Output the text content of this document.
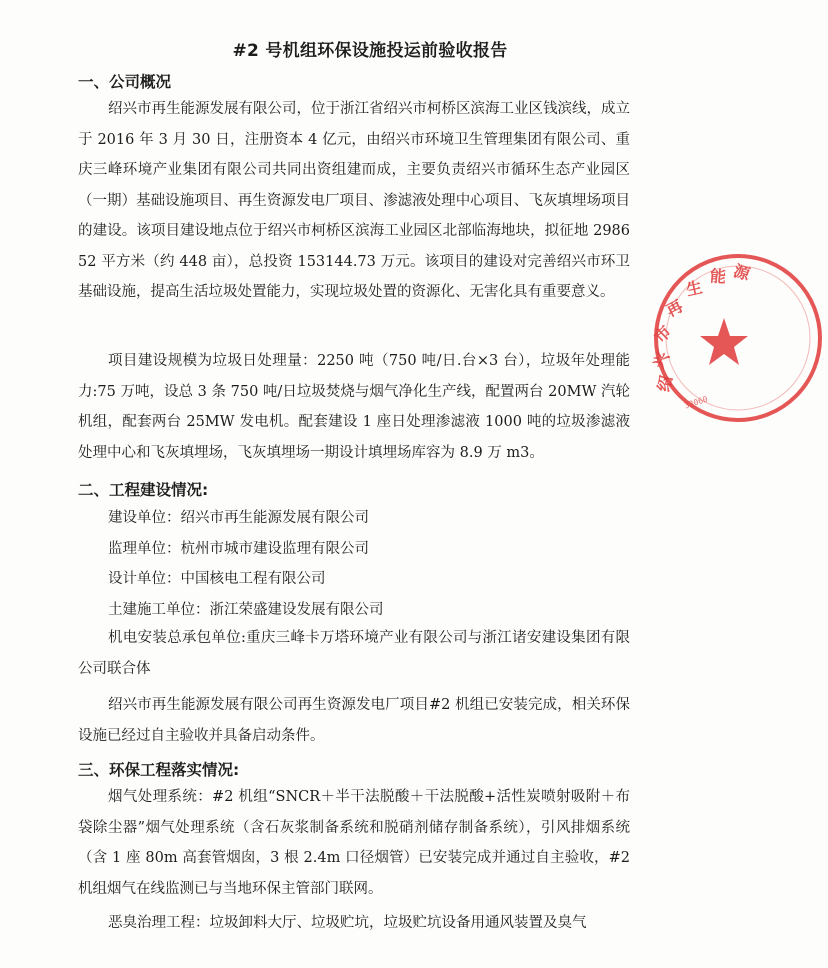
#2 号机组环保设施投运前验收报告
一、公司概况
绍兴市再生能源发展有限公司，位于浙江省绍兴市柯桥区滨海工业区钱滨线，成立于 2016 年 3 月 30 日，注册资本 4 亿元，由绍兴市环境卫生管理集团有限公司、重庆三峰环境产业集团有限公司共同出资组建而成，主要负责绍兴市循环生态产业园区（一期）基础设施项目、再生资源发电厂项目、渗滤液处理中心项目、飞灰填埋场项目的建设。该项目建设地点位于绍兴市柯桥区滨海工业园区北部临海地块，拟征地 298652 平方米（约 448 亩），总投资 153144.73 万元。该项目的建设对完善绍兴市环卫基础设施，提高生活垃圾处置能力，实现垃圾处置的资源化、无害化具有重要意义。
项目建设规模为垃圾日处理量：2250 吨（750 吨/日.台×3 台），垃圾年处理能力:75 万吨，设总 3 条 750 吨/日垃圾焚烧与烟气净化生产线，配置两台 20MW 汽轮机组，配套两台 25MW 发电机。配套建设 1 座日处理渗滤液 1000 吨的垃圾渗滤液处理中心和飞灰填埋场，飞灰填埋场一期设计填埋场库容为 8.9 万 m3。
二、工程建设情况:
建设单位：绍兴市再生能源发展有限公司
监理单位：杭州市城市建设监理有限公司
设计单位：中国核电工程有限公司
土建施工单位：浙江荣盛建设发展有限公司
机电安装总承包单位:重庆三峰卡万塔环境产业有限公司与浙江诸安建设集团有限公司联合体
绍兴市再生能源发展有限公司再生资源发电厂项目#2 机组已安装完成，相关环保设施已经过自主验收并具备启动条件。
三、环保工程落实情况:
烟气处理系统：#2 机组“SNCR＋半干法脱酸＋干法脱酸+活性炭喷射吸附＋布袋除尘器”烟气处理系统（含石灰浆制备系统和脱硝剂储存制备系统），引风排烟系统（含 1 座 80m 高套管烟囱，3 根 2.4m 口径烟管）已安装完成并通过自主验收，#2 机组烟气在线监测已与当地环保主管部门联网。
恶臭治理工程：垃圾卸料大厅、垃圾贮坑，垃圾贮坑设备用通风装置及臭气
绍
兴
市
再
生
能 源
33060
